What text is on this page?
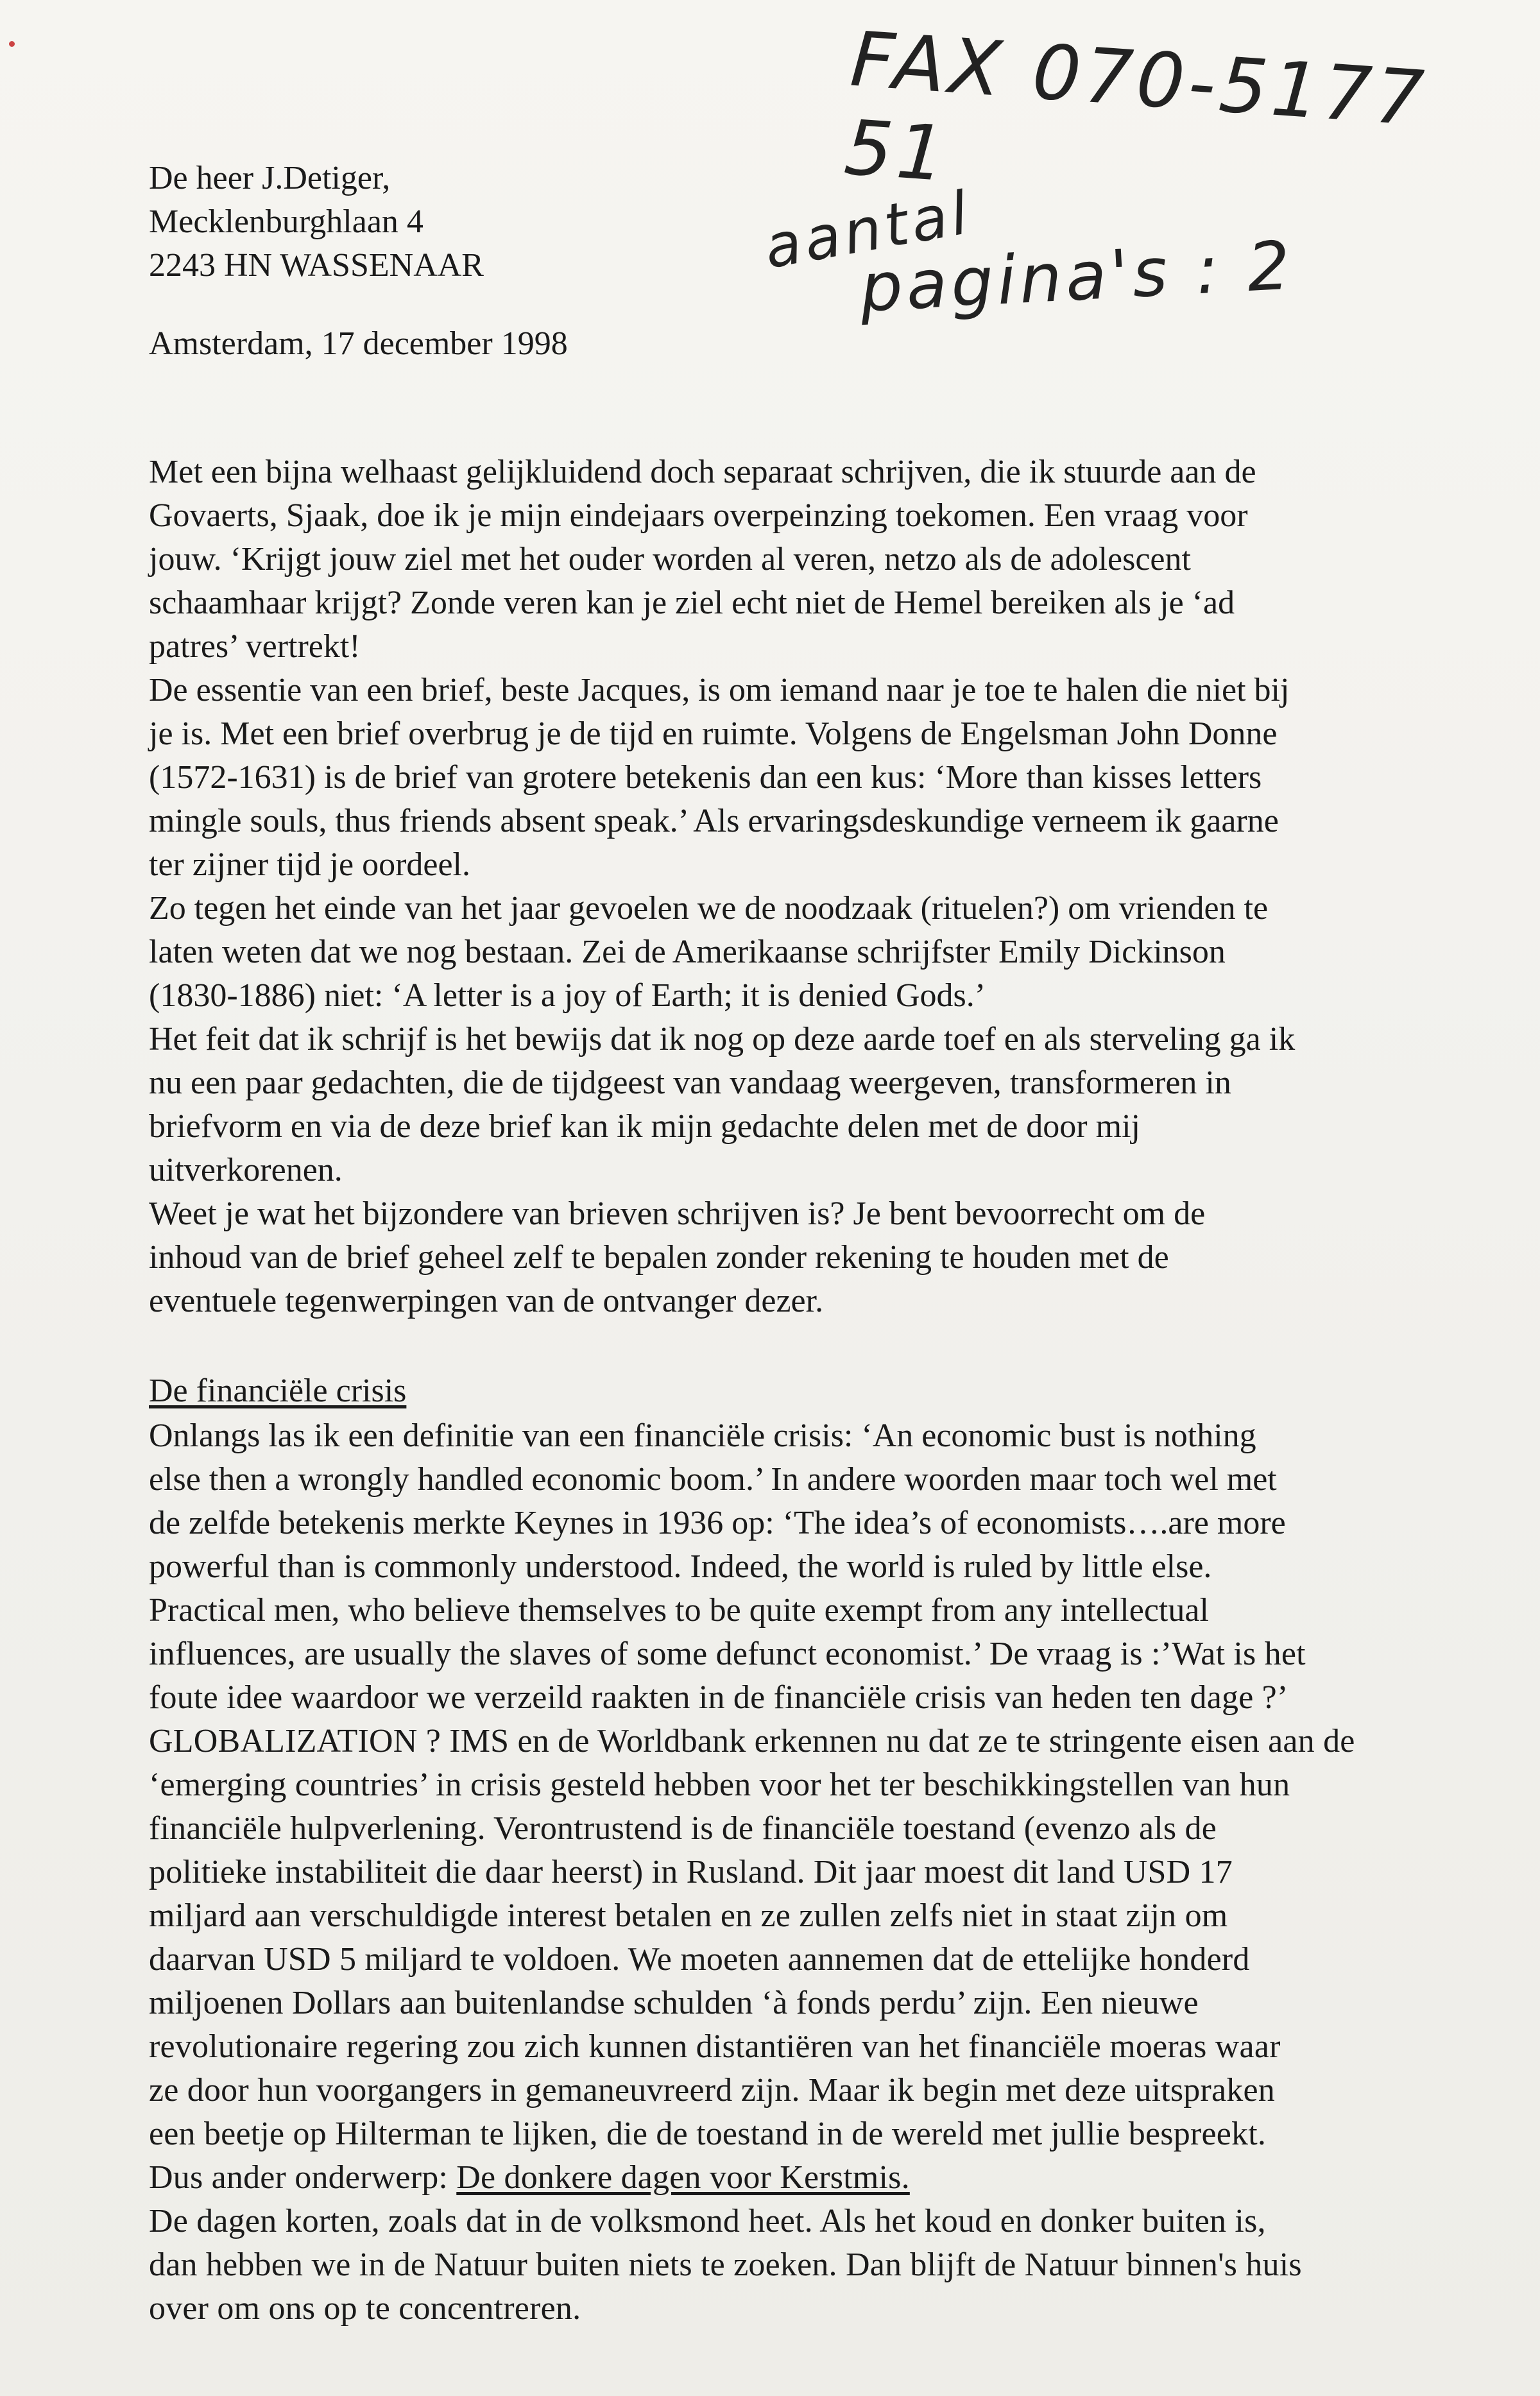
FAX 070-5177 51
aantal
pagina's : 2
De heer J.Detiger,
Mecklenburghlaan 4
2243 HN WASSENAAR
Amsterdam, 17 december 1998
Met een bijna welhaast gelijkluidend doch separaat schrijven, die ik stuurde aan de
Govaerts, Sjaak, doe ik je mijn eindejaars overpeinzing toekomen. Een vraag voor
jouw. ‘Krijgt jouw ziel met het ouder worden al veren, netzo als de adolescent
schaamhaar krijgt? Zonde veren kan je ziel echt niet de Hemel bereiken als je ‘ad
patres’ vertrekt!
De essentie van een brief, beste Jacques, is om iemand naar je toe te halen die niet bij
je is. Met een brief overbrug je de tijd en ruimte. Volgens de Engelsman John Donne
(1572-1631) is de brief van grotere betekenis dan een kus: ‘More than kisses letters
mingle souls, thus friends absent speak.’ Als ervaringsdeskundige verneem ik gaarne
ter zijner tijd je oordeel.
Zo tegen het einde van het jaar gevoelen we de noodzaak (rituelen?) om vrienden te
laten weten dat we nog bestaan. Zei de Amerikaanse schrijfster Emily Dickinson
(1830-1886) niet: ‘A letter is a joy of Earth; it is denied Gods.’
Het feit dat ik schrijf is het bewijs dat ik nog op deze aarde toef en als sterveling ga ik
nu een paar gedachten, die de tijdgeest van vandaag weergeven, transformeren in
briefvorm en via de deze brief kan ik mijn gedachte delen met de door mij
uitverkorenen.
Weet je wat het bijzondere van brieven schrijven is? Je bent bevoorrecht om de
inhoud van de brief geheel zelf te bepalen zonder rekening te houden met de
eventuele tegenwerpingen van de ontvanger dezer.
De financiële crisis
Onlangs las ik een definitie van een financiële crisis: ‘An economic bust is nothing
else then a wrongly handled economic boom.’ In andere woorden maar toch wel met
de zelfde betekenis merkte Keynes in 1936 op: ‘The idea’s of economists….are more
powerful than is commonly understood. Indeed, the world is ruled by little else.
Practical men, who believe themselves to be quite exempt from any intellectual
influences, are usually the slaves of some defunct economist.’ De vraag is :’Wat is het
foute idee waardoor we verzeild raakten in de financiële crisis van heden ten dage ?’
GLOBALIZATION ? IMS en de Worldbank erkennen nu dat ze te stringente eisen aan de
‘emerging countries’ in crisis gesteld hebben voor het ter beschikkingstellen van hun
financiële hulpverlening. Verontrustend is de financiële toestand (evenzo als de
politieke instabiliteit die daar heerst) in Rusland. Dit jaar moest dit land USD 17
miljard aan verschuldigde interest betalen en ze zullen zelfs niet in staat zijn om
daarvan USD 5 miljard te voldoen. We moeten aannemen dat de ettelijke honderd
miljoenen Dollars aan buitenlandse schulden ‘à fonds perdu’ zijn. Een nieuwe
revolutionaire regering zou zich kunnen distantiëren van het financiële moeras waar
ze door hun voorgangers in gemaneuvreerd zijn. Maar ik begin met deze uitspraken
een beetje op Hilterman te lijken, die de toestand in de wereld met jullie bespreekt.
Dus ander onderwerp: De donkere dagen voor Kerstmis.
De dagen korten, zoals dat in de volksmond heet. Als het koud en donker buiten is,
dan hebben we in de Natuur buiten niets te zoeken. Dan blijft de Natuur binnen's huis
over om ons op te concentreren.
